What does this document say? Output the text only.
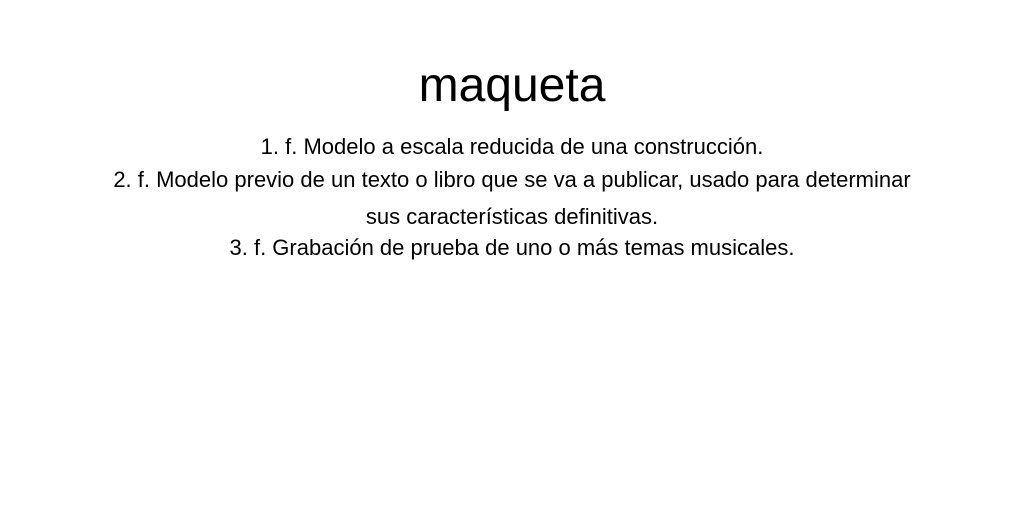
maqueta
1. f. Modelo a escala reducida de una construcción.
2. f. Modelo previo de un texto o libro que se va a publicar, usado para determinar sus características definitivas.
3. f. Grabación de prueba de uno o más temas musicales.
